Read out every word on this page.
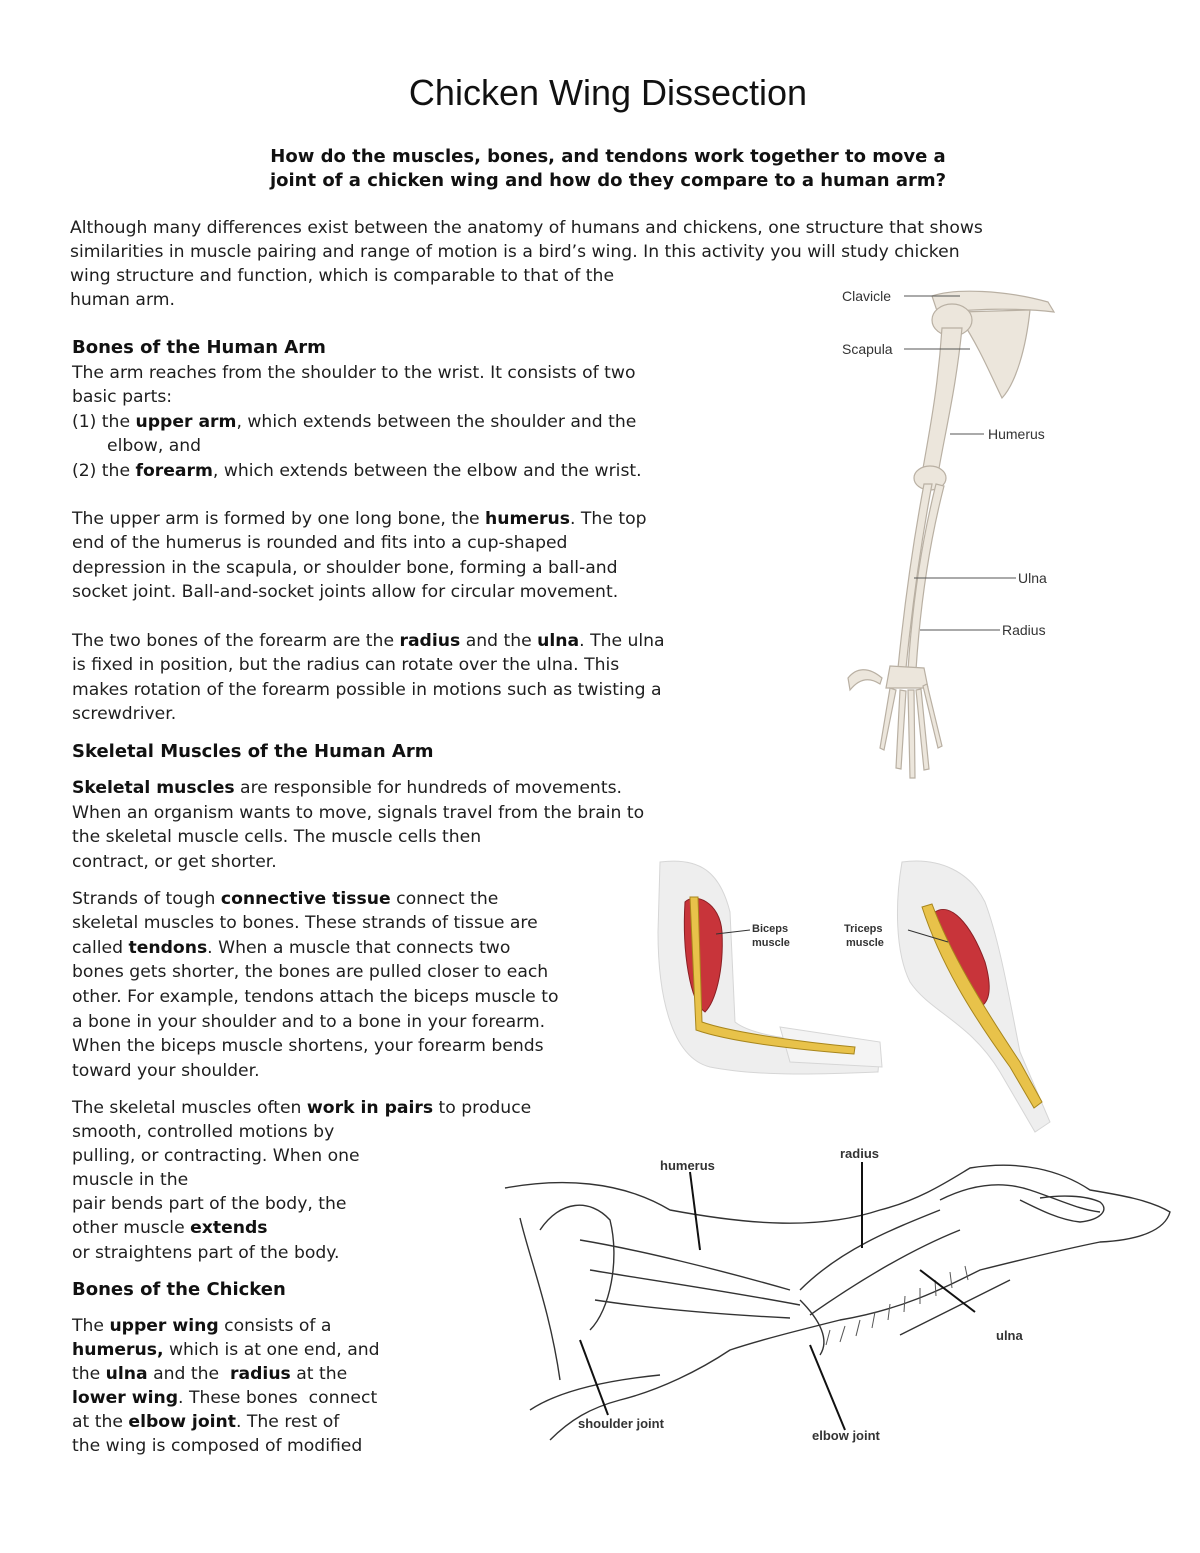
Chicken Wing Dissection
How do the muscles, bones, and tendons work together to move a
joint of a chicken wing and how do they compare to a human arm?
Although many differences exist between the anatomy of humans and chickens, one structure that shows
similarities in muscle pairing and range of motion is a bird’s wing. In this activity you will study chicken
wing structure and function, which is comparable to that of the
human arm.
Bones of the Human Arm
The arm reaches from the shoulder to the wrist. It consists of two
basic parts:
(1) the upper arm, which extends between the shoulder and the
elbow, and
(2) the forearm, which extends between the elbow and the wrist.
The upper arm is formed by one long bone, the humerus. The top
end of the humerus is rounded and fits into a cup-shaped
depression in the scapula, or shoulder bone, forming a ball-and
socket joint. Ball-and-socket joints allow for circular movement.
The two bones of the forearm are the radius and the ulna. The ulna
is fixed in position, but the radius can rotate over the ulna. This
makes rotation of the forearm possible in motions such as twisting a
screwdriver.
Skeletal Muscles of the Human Arm
Skeletal muscles are responsible for hundreds of movements.
When an organism wants to move, signals travel from the brain to
the skeletal muscle cells. The muscle cells then
contract, or get shorter.
Strands of tough connective tissue connect the
skeletal muscles to bones. These strands of tissue are
called tendons. When a muscle that connects two
bones gets shorter, the bones are pulled closer to each
other. For example, tendons attach the biceps muscle to
a bone in your shoulder and to a bone in your forearm.
When the biceps muscle shortens, your forearm bends
toward your shoulder.
The skeletal muscles often work in pairs to produce
smooth, controlled motions by
pulling, or contracting. When one
muscle in the
pair bends part of the body, the
other muscle extends
or straightens part of the body.
Bones of the Chicken
The upper wing consists of a
humerus, which is at one end, and
the ulna and the  radius at the
lower wing. These bones  connect
at the elbow joint. The rest of
the wing is composed of modified
Clavicle
Scapula
Humerus
Ulna
Radius
Biceps
muscle
Triceps
muscle
humerus
radius
ulna
shoulder joint
elbow joint
